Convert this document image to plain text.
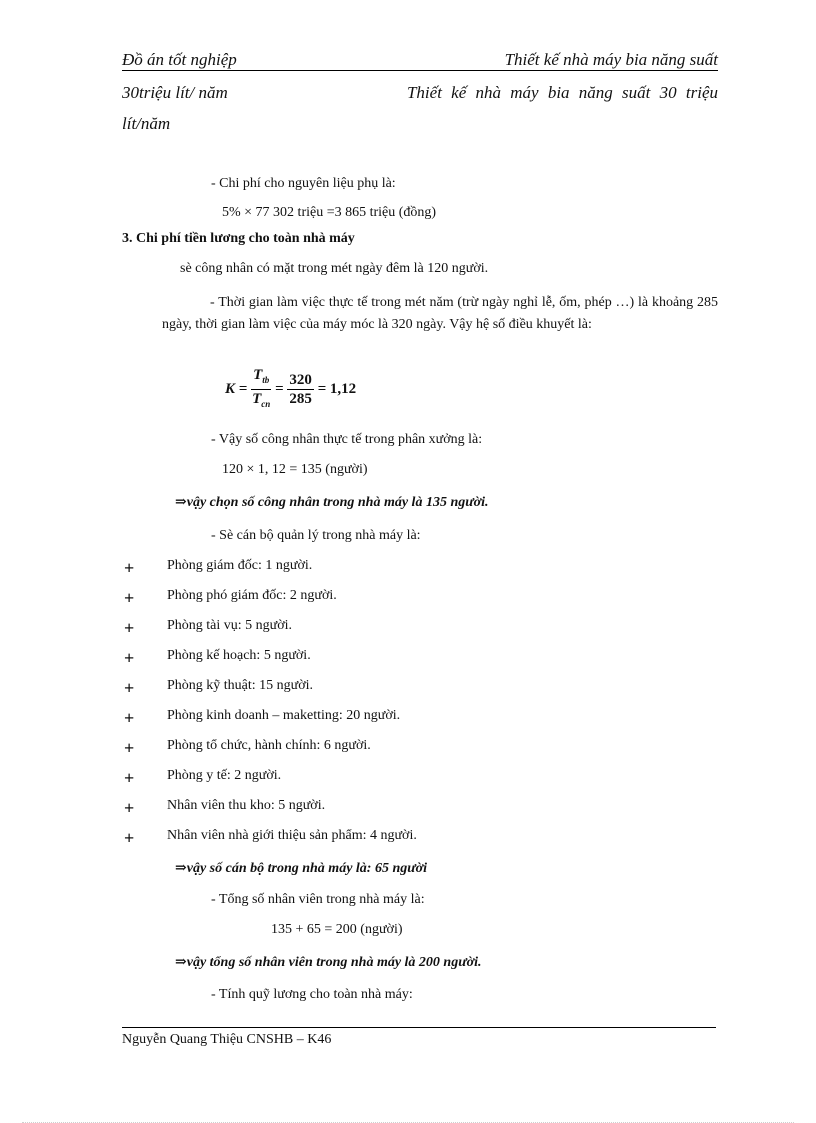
Đồ án tốt nghiệp	Thiết kế nhà máy bia năng suất
30triệu lít/ năm	Thiết kế nhà máy bia năng suất 30 triệu
lít/năm
- Chi phí cho nguyên liệu phụ là:
5% × 77 302 triệu =3 865 triệu (đồng)
3. Chi phí tiền lương cho toàn nhà máy
sè công nhân có mặt trong mét ngày đêm là 120 người.
- Thời gian làm việc thực tế trong mét năm (trừ ngày nghỉ lễ, ốm, phép …) là khoảng 285 ngày, thời gian làm việc của máy móc là 320 ngày. Vậy hệ số điều khuyết là:
$K = \frac{T_{tb}}{T_{cn}} = \frac{320}{285} = 1,12$
- Vậy số công nhân thực tế trong phân xưởng là:
120 × 1, 12 = 135 (người)
⇒vậy chọn số công nhân trong nhà máy là 135 người.
- Sè cán bộ quản lý trong nhà máy là:
+ Phòng giám đốc: 1 người.
+ Phòng phó giám đốc: 2 người.
+ Phòng tài vụ: 5 người.
+ Phòng kế hoạch: 5 người.
+ Phòng kỹ thuật: 15 người.
+ Phòng kinh doanh – maketting: 20 người.
+ Phòng tổ chức, hành chính: 6 người.
+ Phòng y tế: 2 người.
+ Nhân viên thu kho: 5 người.
+ Nhân viên nhà giới thiệu sản phẩm: 4 người.
⇒vậy số cán bộ trong nhà máy là: 65 người
- Tổng số nhân viên trong nhà máy là:
135 + 65 = 200 (người)
⇒vậy tổng số nhân viên trong nhà máy là 200 người.
- Tính quỹ lương cho toàn nhà máy:
Nguyễn Quang Thiệu CNSHB – K46
